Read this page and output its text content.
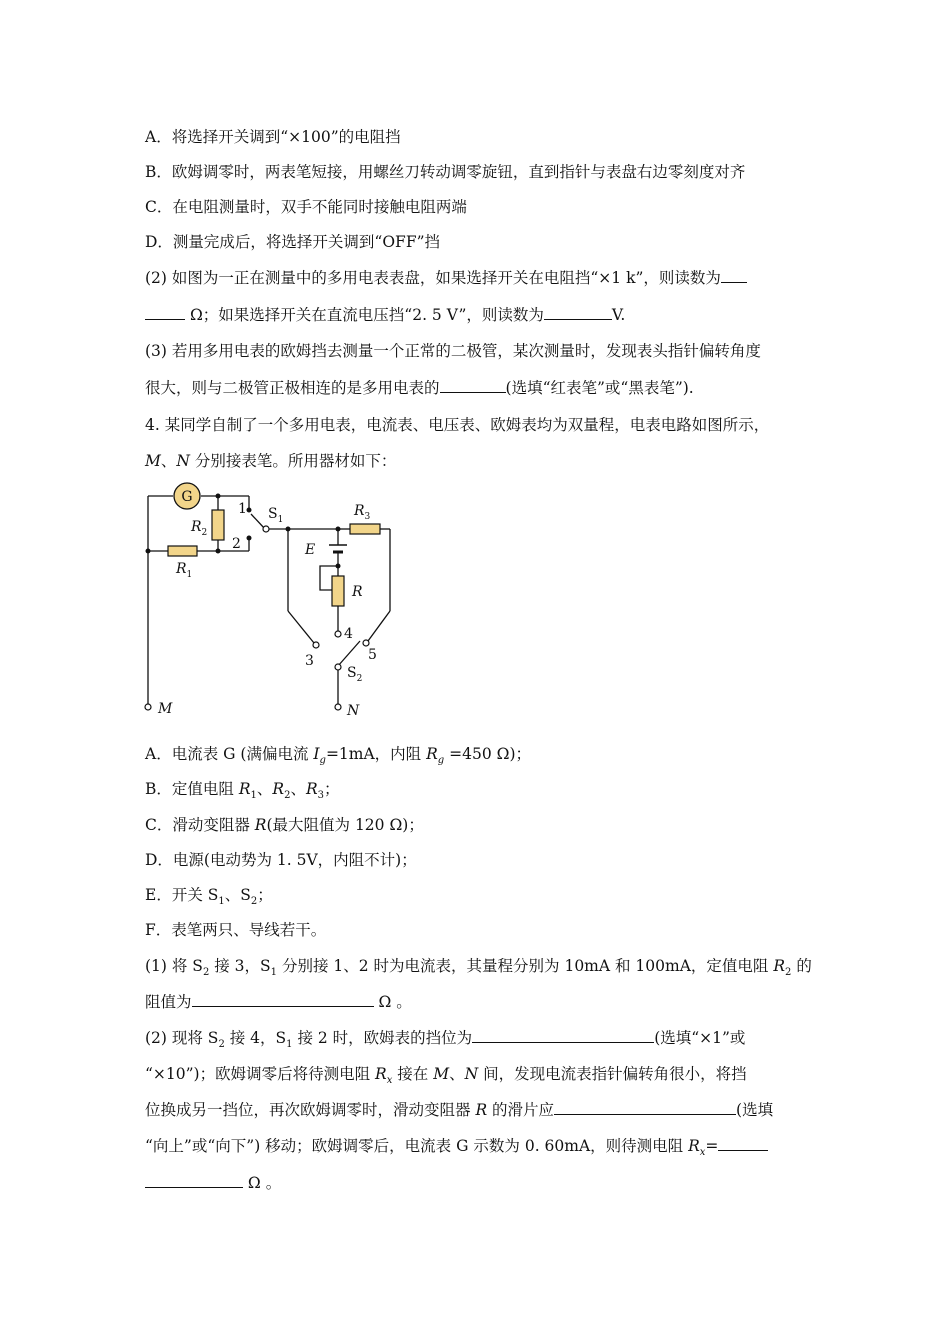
A．将选择开关调到“×100”的电阻挡
B．欧姆调零时，两表笔短接，用螺丝刀转动调零旋钮，直到指针与表盘右边零刻度对齐
C．在电阻测量时，双手不能同时接触电阻两端
D．测量完成后，将选择开关调到“OFF”挡
(2) 如图为一正在测量中的多用电表表盘，如果选择开关在电阻挡“×1 k”，则读数为
Ω；如果选择开关在直流电压挡“2. 5 V”，则读数为	V.
(3) 若用多用电表的欧姆挡去测量一个正常的二极管，某次测量时，发现表头指针偏转角度
很大，则与二极管正极相连的是多用电表的	(选填“红表笔”或“黑表笔”).
4. 某同学自制了一个多用电表，电流表、电压表、欧姆表均为双量程，电表电路如图所示，
M、N 分别接表笔。所用器材如下：
G
$R_2$
$R_1$
$R_3$
R
E
$S_1$
$S_2$
1
2
3
4
5
M	N
A．电流表 G (满偏电流 $I_g=1mA$，内阻 $R_g =450$ Ω)；
B．定值电阻 $R_1$、$R_2$、$R_3$；
C．滑动变阻器 R(最大阻值为 120 Ω)；
D．电源(电动势为 1. 5V，内阻不计)；
E．开关 $S_1$、$S_2$；
F．表笔两只、导线若干。
(1) 将 $S_2$ 接 3，$S_1$ 分别接 1、2 时为电流表，其量程分别为 10mA 和 100mA，定值电阻 $R_2$ 的
阻值为	Ω 。
(2) 现将 $S_2$ 接 4，$S_1$ 接 2 时，欧姆表的挡位为	(选填“×1”或
“×10”)；欧姆调零后将待测电阻 $R_x$ 接在 M、N 间，发现电流表指针偏转角很小，将挡
位换成另一挡位，再次欧姆调零时，滑动变阻器 R 的滑片应	(选填
“向上”或“向下”) 移动；欧姆调零后，电流表 G 示数为 0. 60mA，则待测电阻 $R_x=$
Ω 。
